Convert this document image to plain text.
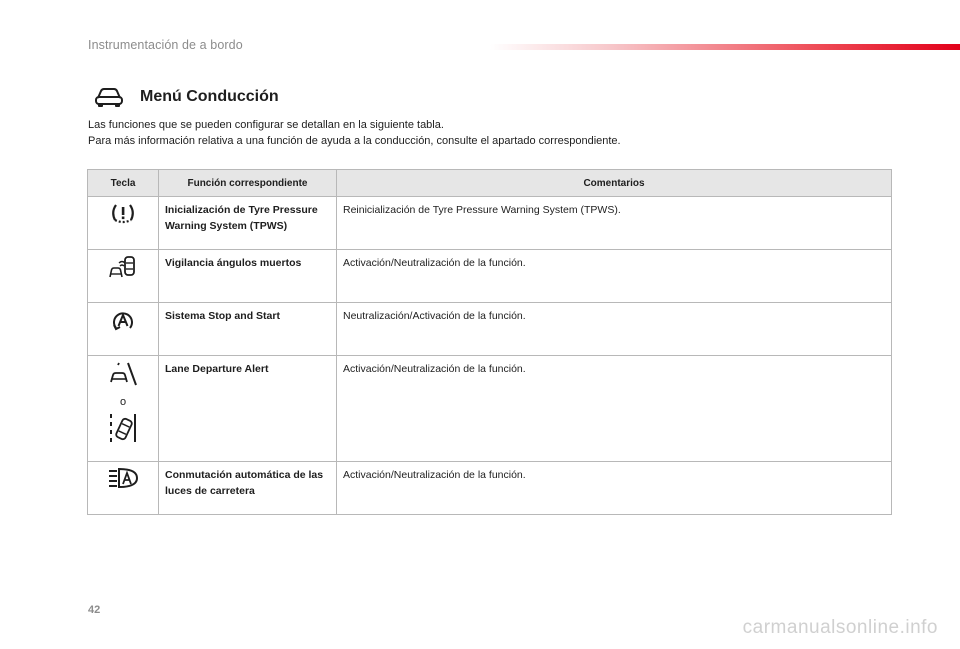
Instrumentación de a bordo
Menú Conducción

Las funciones que se pueden configurar se detallan en la siguiente tabla.

Para más información relativa a una función de ayuda a la conducción, consulte el apartado correspondiente.

Tecla	Función correspondiente	Comentarios
	Inicialización de Tyre Pressure Warning System (TPWS)	Reinicialización de Tyre Pressure Warning System (TPWS).
	Vigilancia ángulos muertos	Activación/Neutralización de la función.
	Sistema Stop and Start	Neutralización/Activación de la función.

o	Lane Departure Alert	Activación/Neutralización de la función.
	Conmutación automática de las luces de carretera	Activación/Neutralización de la función.
42
carmanualsonline.info
